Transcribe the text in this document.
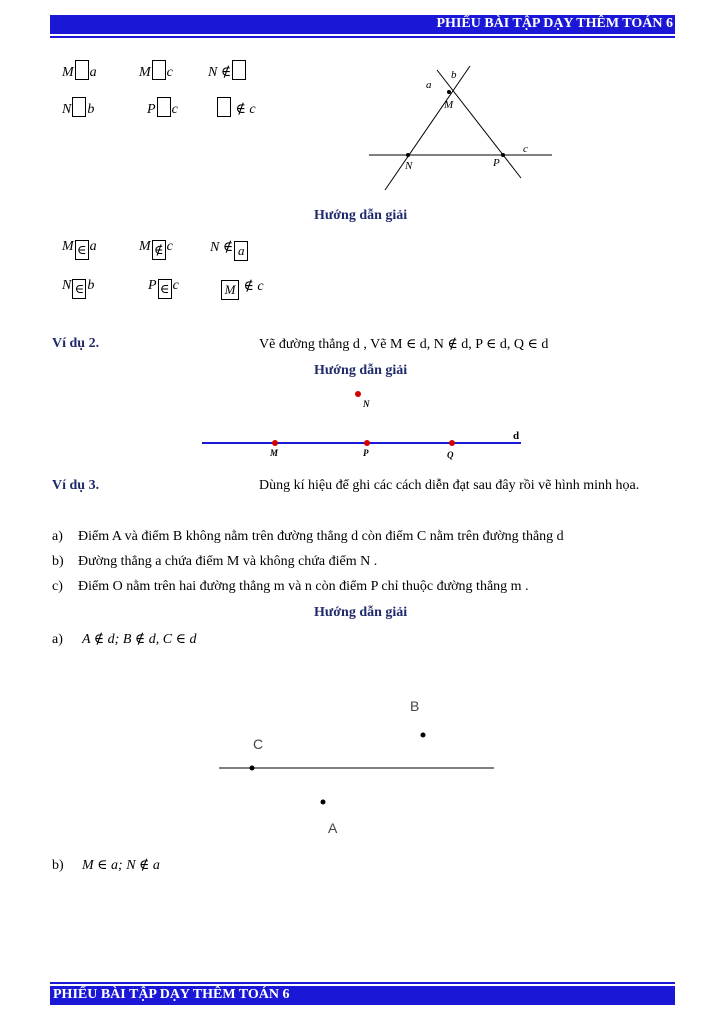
PHIẾU BÀI TẬP DẠY THÊM TOÁN 6
M a	M c	N ∉
N b	P c	∉ c
a
b
c
M
N	P
Hướng dẫn giải
M ∈ a	M ∉ c	N ∉ a
N ∈ b	P ∈ c	M ∉ c
Ví dụ 2.	Vẽ đường thẳng d , Vẽ M ∈ d, N ∉ d, P ∈ d, Q ∈ d
Hướng dẫn giải
N
d
M	P	Q
Ví dụ 3.	Dùng kí hiệu để ghi các cách diễn đạt sau đây rồi vẽ hình minh họa.
a) Điểm A và điểm B không nằm trên đường thẳng d còn điểm C nằm trên đường thẳng d
b) Đường thẳng a chứa điểm M và không chứa điểm N .
c) Điểm O nằm trên hai đường thẳng m và n còn điểm P chỉ thuộc đường thẳng m .
Hướng dẫn giải
a) A ∉ d; B ∉ d, C ∈ d
C
B
A
b) M ∈ a; N ∉ a
PHIẾU BÀI TẬP DẠY THÊM TOÁN 6
